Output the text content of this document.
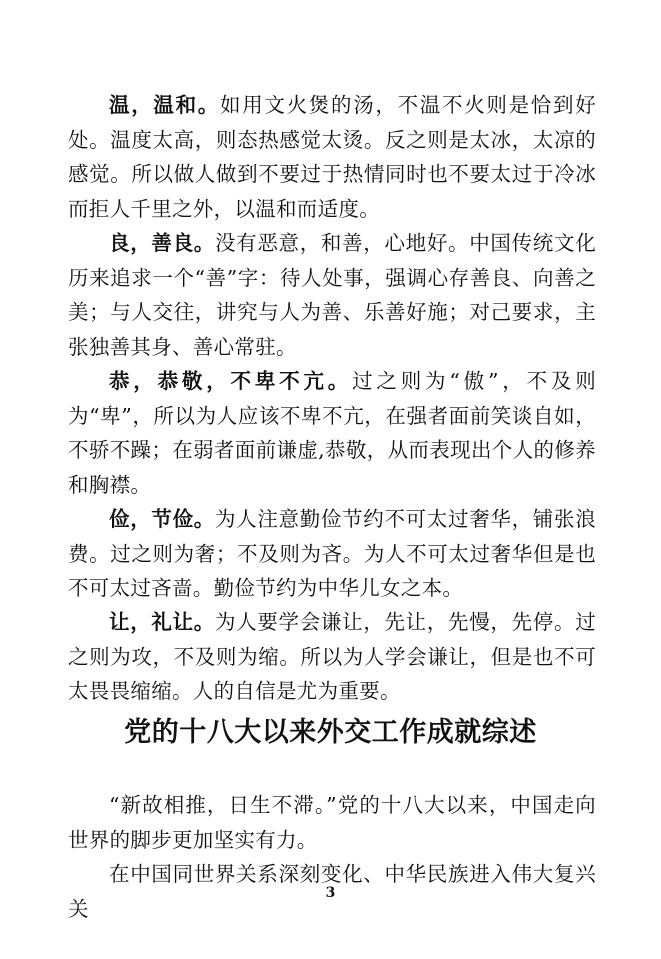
温，温和。如用文火煲的汤，不温不火则是恰到好处。温度太高，则态热感觉太烫。反之则是太冰，太凉的感觉。所以做人做到不要过于热情同时也不要太过于冷冰而拒人千里之外，以温和而适度。

良，善良。没有恶意，和善，心地好。中国传统文化历来追求一个“善”字：待人处事，强调心存善良、向善之美；与人交往，讲究与人为善、乐善好施；对己要求，主张独善其身、善心常驻。

恭，恭敬，不卑不亢。过之则为“傲”，不及则为“卑”，所以为人应该不卑不亢，在强者面前笑谈自如，不骄不躁；在弱者面前谦虚,恭敬，从而表现出个人的修养和胸襟。

俭，节俭。为人注意勤俭节约不可太过奢华，铺张浪费。过之则为奢；不及则为吝。为人不可太过奢华但是也不可太过吝啬。勤俭节约为中华儿女之本。

让，礼让。为人要学会谦让，先让，先慢，先停。过之则为攻，不及则为缩。所以为人学会谦让，但是也不可太畏畏缩缩。人的自信是尤为重要。

党的十八大以来外交工作成就综述

“新故相推，日生不滞。”党的十八大以来，中国走向世界的脚步更加坚实有力。

在中国同世界关系深刻变化、中华民族进入伟大复兴关

3
